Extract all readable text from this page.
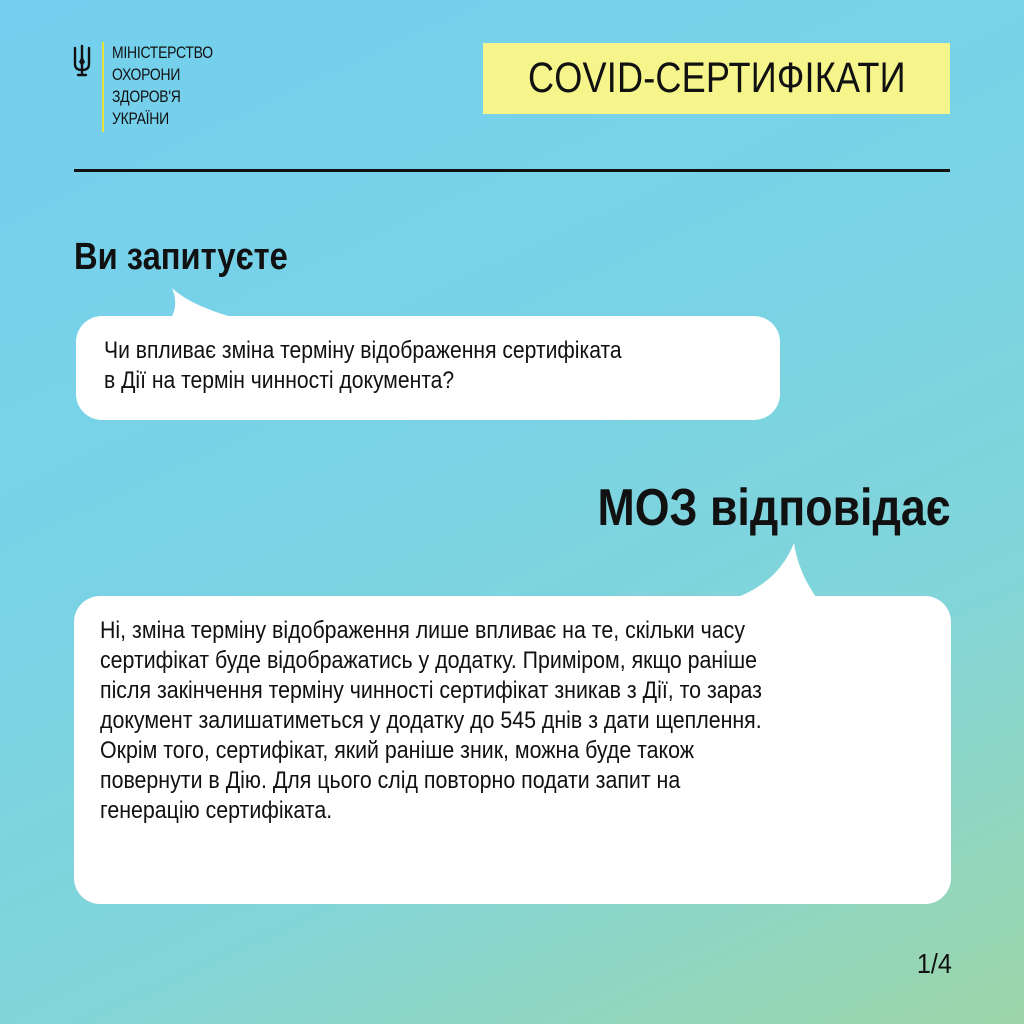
МІНІСТЕРСТВО
ОХОРОНИ
ЗДОРОВ'Я
УКРАЇНИ
COVID-СЕРТИФІКАТИ
Ви запитуєте
Чи впливає зміна терміну відображення сертифіката
в Дії на термін чинності документа?
МОЗ відповідає
Ні, зміна терміну відображення лише впливає на те, скільки часу
сертифікат буде відображатись у додатку. Приміром, якщо раніше
після закінчення терміну чинності сертифікат зникав з Дії, то зараз
документ залишатиметься у додатку до 545 днів з дати щеплення.
Окрім того, сертифікат, який раніше зник, можна буде також
повернути в Дію. Для цього слід повторно подати запит на
генерацію сертифіката.
1/4
